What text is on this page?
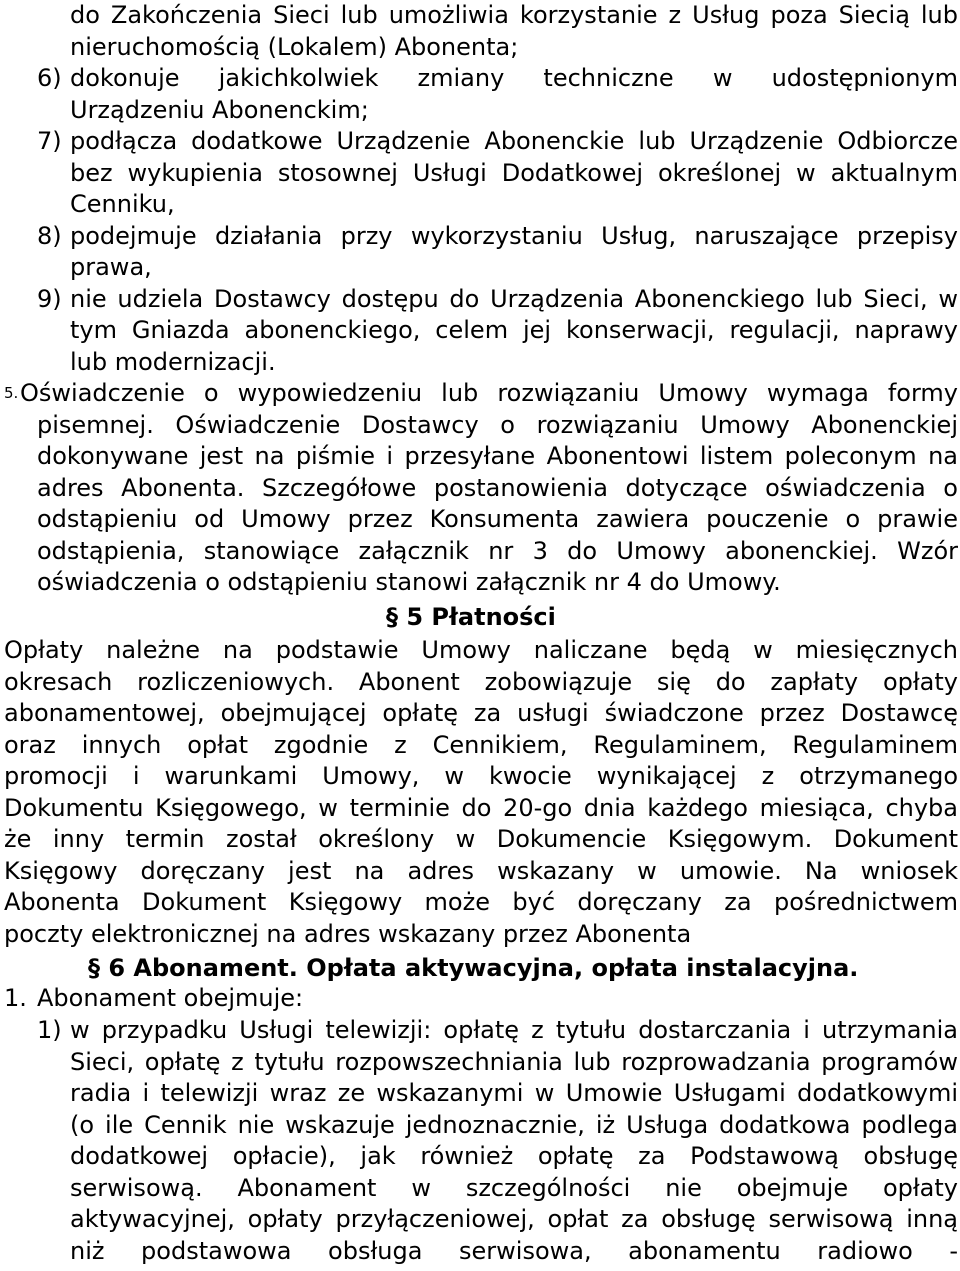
do Zakończenia Sieci lub umożliwia korzystanie z Usług poza Siecią lub
nieruchomością (Lokalem) Abonenta;
6) dokonuje jakichkolwiek zmiany techniczne w udostępnionym
Urządzeniu Abonenckim;
7) podłącza dodatkowe Urządzenie Abonenckie lub Urządzenie Odbiorcze
bez wykupienia stosownej Usługi Dodatkowej określonej w aktualnym
Cenniku,
8) podejmuje działania przy wykorzystaniu Usług, naruszające przepisy
prawa,
9) nie udziela Dostawcy dostępu do Urządzenia Abonenckiego lub Sieci, w
tym Gniazda abonenckiego, celem jej konserwacji, regulacji, naprawy
lub modernizacji.
5. Oświadczenie o wypowiedzeniu lub rozwiązaniu Umowy wymaga formy
pisemnej. Oświadczenie Dostawcy o rozwiązaniu Umowy Abonenckiej
dokonywane jest na piśmie i przesyłane Abonentowi listem poleconym na
adres Abonenta. Szczegółowe postanowienia dotyczące oświadczenia o
odstąpieniu od Umowy przez Konsumenta zawiera pouczenie o prawie
odstąpienia, stanowiące załącznik nr 3 do Umowy abonenckiej. Wzór
oświadczenia o odstąpieniu stanowi załącznik nr 4 do Umowy.
§ 5 Płatności
Opłaty należne na podstawie Umowy naliczane będą w miesięcznych
okresach rozliczeniowych. Abonent zobowiązuje się do zapłaty opłaty
abonamentowej, obejmującej opłatę za usługi świadczone przez Dostawcę
oraz innych opłat zgodnie z Cennikiem, Regulaminem, Regulaminem
promocji i warunkami Umowy, w kwocie wynikającej z otrzymanego
Dokumentu Księgowego, w terminie do 20-go dnia każdego miesiąca, chyba
że inny termin został określony w Dokumencie Księgowym. Dokument
Księgowy doręczany jest na adres wskazany w umowie. Na wniosek
Abonenta Dokument Księgowy może być doręczany za pośrednictwem
poczty elektronicznej na adres wskazany przez Abonenta
§ 6 Abonament. Opłata aktywacyjna, opłata instalacyjna.
1. Abonament obejmuje:
1) w przypadku Usługi telewizji: opłatę z tytułu dostarczania i utrzymania
Sieci, opłatę z tytułu rozpowszechniania lub rozprowadzania programów
radia i telewizji wraz ze wskazanymi w Umowie Usługami dodatkowymi
(o ile Cennik nie wskazuje jednoznacznie, iż Usługa dodatkowa podlega
dodatkowej opłacie), jak również opłatę za Podstawową obsługę
serwisową. Abonament w szczególności nie obejmuje opłaty
aktywacyjnej, opłaty przyłączeniowej, opłat za obsługę serwisową inną
niż podstawowa obsługa serwisowa, abonamentu radiowo -
